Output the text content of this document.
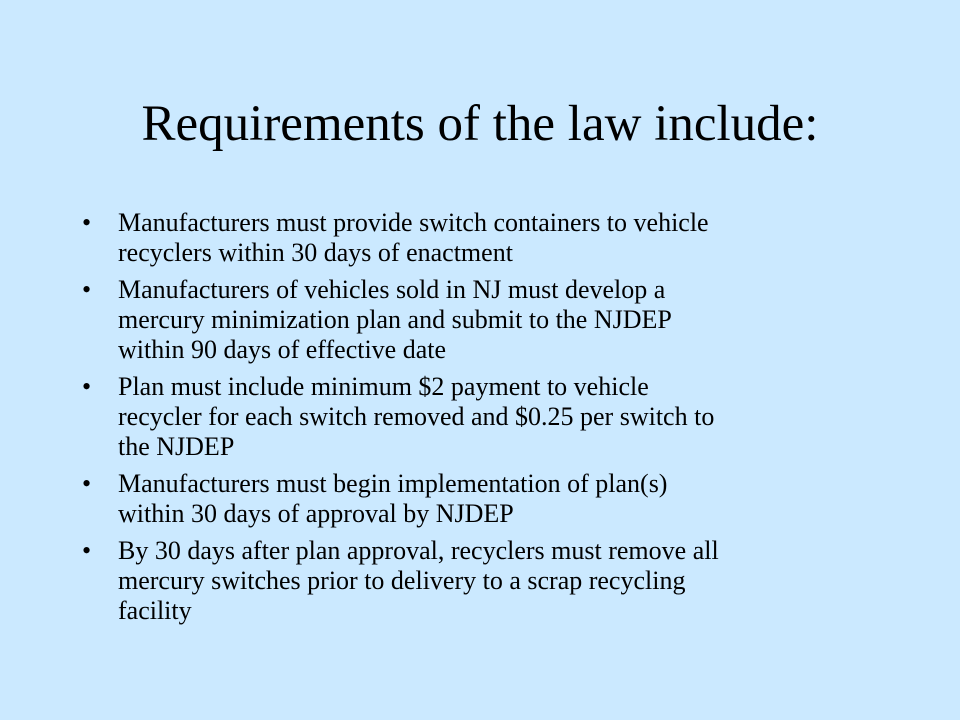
Requirements of the law include:
•	Manufacturers must provide switch containers to vehicle
recyclers within 30 days of enactment
•	Manufacturers of vehicles sold in NJ must develop a
mercury minimization plan and submit to the NJDEP
within 90 days of effective date
•	Plan must include minimum $2 payment to vehicle
recycler for each switch removed and $0.25 per switch to
the NJDEP
•	Manufacturers must begin implementation of plan(s)
within 30 days of approval by NJDEP
•	By 30 days after plan approval, recyclers must remove all
mercury switches prior to delivery to a scrap recycling
facility
